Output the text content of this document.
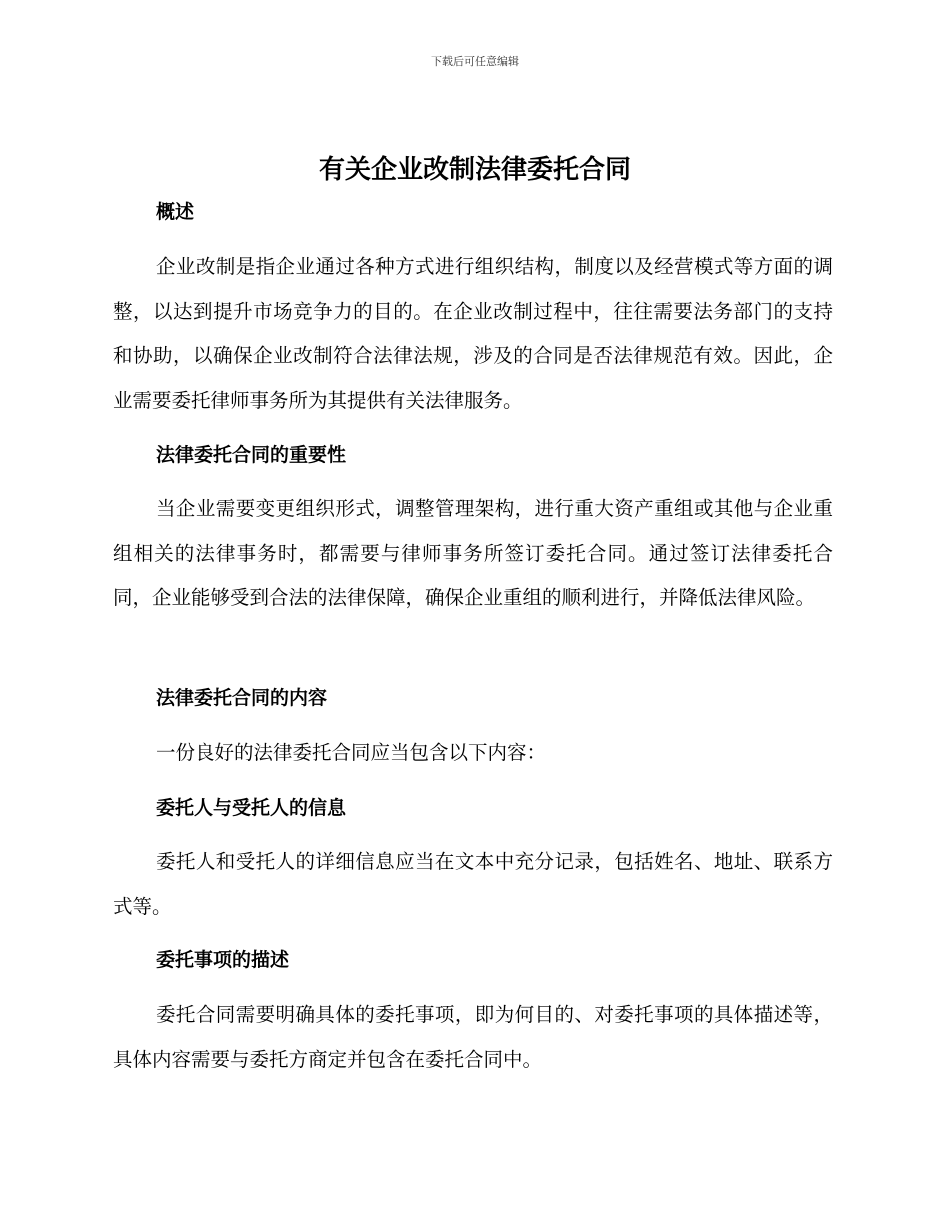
下载后可任意编辑
有关企业改制法律委托合同
概述

企业改制是指企业通过各种方式进行组织结构，制度以及经营模式等方面的调整，以达到提升市场竞争力的目的。在企业改制过程中，往往需要法务部门的支持和协助，以确保企业改制符合法律法规，涉及的合同是否法律规范有效。因此，企业需要委托律师事务所为其提供有关法律服务。

法律委托合同的重要性

当企业需要变更组织形式，调整管理架构，进行重大资产重组或其他与企业重组相关的法律事务时，都需要与律师事务所签订委托合同。通过签订法律委托合同，企业能够受到合法的法律保障，确保企业重组的顺利进行，并降低法律风险。

法律委托合同的内容

一份良好的法律委托合同应当包含以下内容：

委托人与受托人的信息

委托人和受托人的详细信息应当在文本中充分记录，包括姓名、地址、联系方式等。

委托事项的描述

委托合同需要明确具体的委托事项，即为何目的、对委托事项的具体描述等，具体内容需要与委托方商定并包含在委托合同中。
